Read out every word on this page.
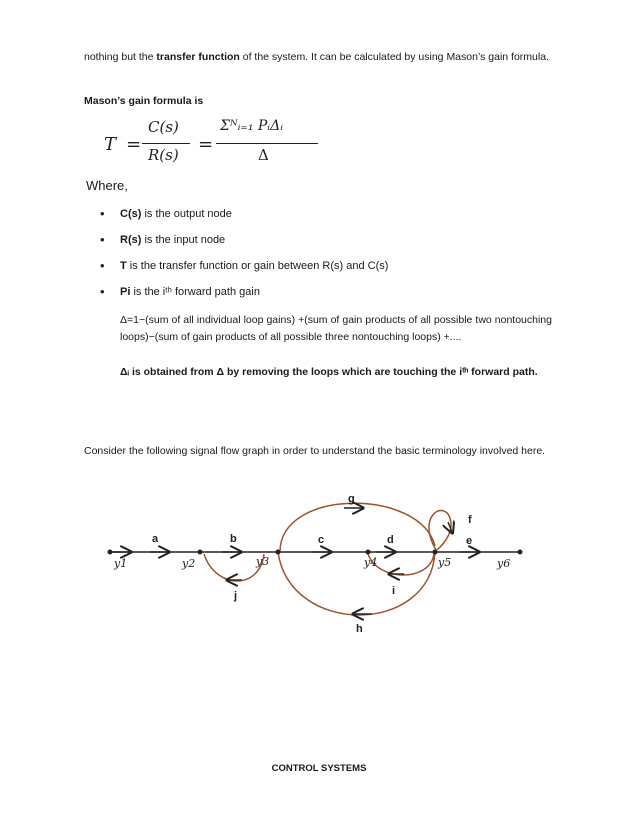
nothing but the transfer function of the system. It can be calculated by using Mason’s gain formula.
Mason’s gain formula is
T =
C(s)
R(s) =
Σᴺᵢ₌₁ PᵢΔᵢ
Δ
Where,
• C(s) is the output node
• R(s) is the input node
• T is the transfer function or gain between R(s) and C(s)
• Pi is the iᵗʰ forward path gain
Δ=1−(sum of all individual loop gains) +(sum of gain products of all possible two nontouching loops)−(sum of gain products of all possible three nontouching loops) +....
Δᵢ is obtained from Δ by removing the loops which are touching the iᵗʰ forward path.
Consider the following signal flow graph in order to understand the basic terminology involved here.
y1	y2	y3	y4	y5	y6
a	b	c	d	e
f
g
h
i
j
CONTROL SYSTEMS
